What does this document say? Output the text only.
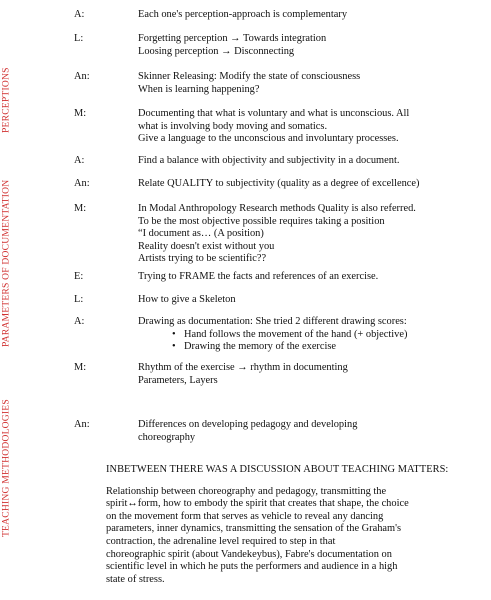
PERCEPTIONS
PARAMETERS OF DOCUMENTATION
TEACHING METHODOLOGIES
A:	Each one's perception-approach is complementary
L:	Forgetting perception → Towards integration
Loosing perception → Disconnecting
An:	Skinner Releasing: Modify the state of consciousness
When is learning happening?
M:	Documenting that what is voluntary and what is unconscious. All
what is involving body moving and somatics.
Give a language to the unconscious and involuntary processes.
A:	Find a balance with objectivity and subjectivity in a document.
An:	Relate QUALITY to subjectivity (quality as a degree of excellence)
M:	In Modal Anthropology Research methods Quality is also referred.
To be the most objective possible requires taking a position
“I document as… (A position)
Reality doesn't exist without you
Artists trying to be scientific??
E:	Trying to FRAME the facts and references of an exercise.
L:	How to give a Skeleton
A:	Drawing as documentation: She tried 2 different drawing scores:
• Hand follows the movement of the hand (+ objective)
• Drawing the memory of the exercise
M:	Rhythm of the exercise → rhythm in documenting
Parameters, Layers
An:	Differences on developing pedagogy and developing
choreography
INBETWEEN THERE WAS A DISCUSSION ABOUT TEACHING MATTERS:
Relationship between choreography and pedagogy, transmitting the
spirit↔form, how to embody the spirit that creates that shape, the choice
on the movement form that serves as vehicle to reveal any dancing
parameters, inner dynamics, transmitting the sensation of the Graham's
contraction, the adrenaline level required to step in that
choreographic spirit (about Vandekeybus), Fabre's documentation on
scientific level in which he puts the performers and audience in a high
state of stress.
